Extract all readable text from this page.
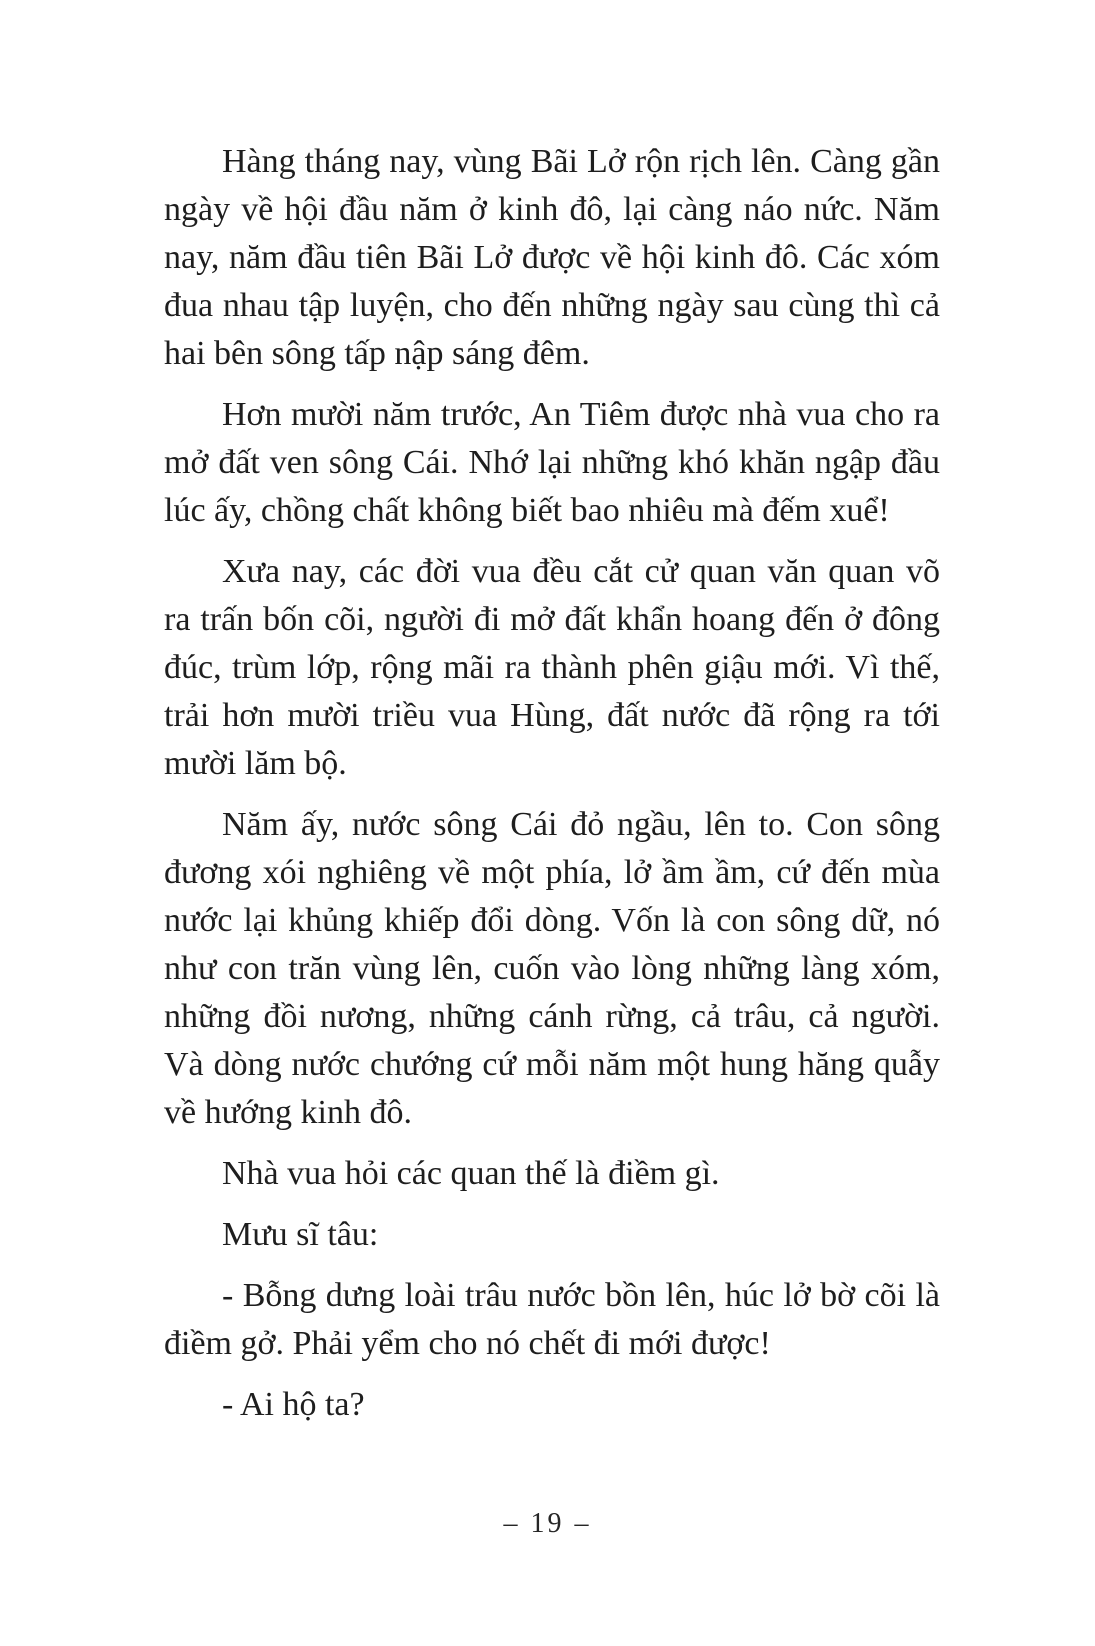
Hàng tháng nay, vùng Bãi Lở rộn rịch lên. Càng gần ngày về hội đầu năm ở kinh đô, lại càng náo nức. Năm nay, năm đầu tiên Bãi Lở được về hội kinh đô. Các xóm đua nhau tập luyện, cho đến những ngày sau cùng thì cả hai bên sông tấp nập sáng đêm.

Hơn mười năm trước, An Tiêm được nhà vua cho ra mở đất ven sông Cái. Nhớ lại những khó khăn ngập đầu lúc ấy, chồng chất không biết bao nhiêu mà đếm xuể!

Xưa nay, các đời vua đều cắt cử quan văn quan võ ra trấn bốn cõi, người đi mở đất khẩn hoang đến ở đông đúc, trùm lớp, rộng mãi ra thành phên giậu mới. Vì thế, trải hơn mười triều vua Hùng, đất nước đã rộng ra tới mười lăm bộ.

Năm ấy, nước sông Cái đỏ ngầu, lên to. Con sông đương xói nghiêng về một phía, lở ầm ầm, cứ đến mùa nước lại khủng khiếp đổi dòng. Vốn là con sông dữ, nó như con trăn vùng lên, cuốn vào lòng những làng xóm, những đồi nương, những cánh rừng, cả trâu, cả người. Và dòng nước chướng cứ mỗi năm một hung hăng quẫy về hướng kinh đô.

Nhà vua hỏi các quan thế là điềm gì.

Mưu sĩ tâu:

- Bỗng dưng loài trâu nước bồn lên, húc lở bờ cõi là điềm gở. Phải yểm cho nó chết đi mới được!

- Ai hộ ta?

– 19 –
